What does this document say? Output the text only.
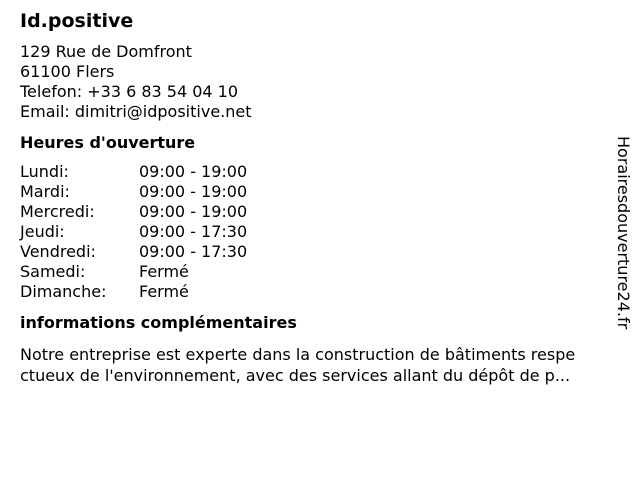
Id.positive
129 Rue de Domfront
61100 Flers
Telefon: +33 6 83 54 04 10
Email: dimitri@idpositive.net
Heures d'ouverture
Lundi:	09:00 - 19:00
Mardi:	09:00 - 19:00
Mercredi:	09:00 - 19:00
Jeudi:	09:00 - 17:30
Vendredi:	09:00 - 17:30
Samedi:	Fermé
Dimanche:	Fermé
informations complémentaires
Notre entreprise est experte dans la construction de bâtiments respe
ctueux de l'environnement, avec des services allant du dépôt de p...
Horairesdouverture24.fr
